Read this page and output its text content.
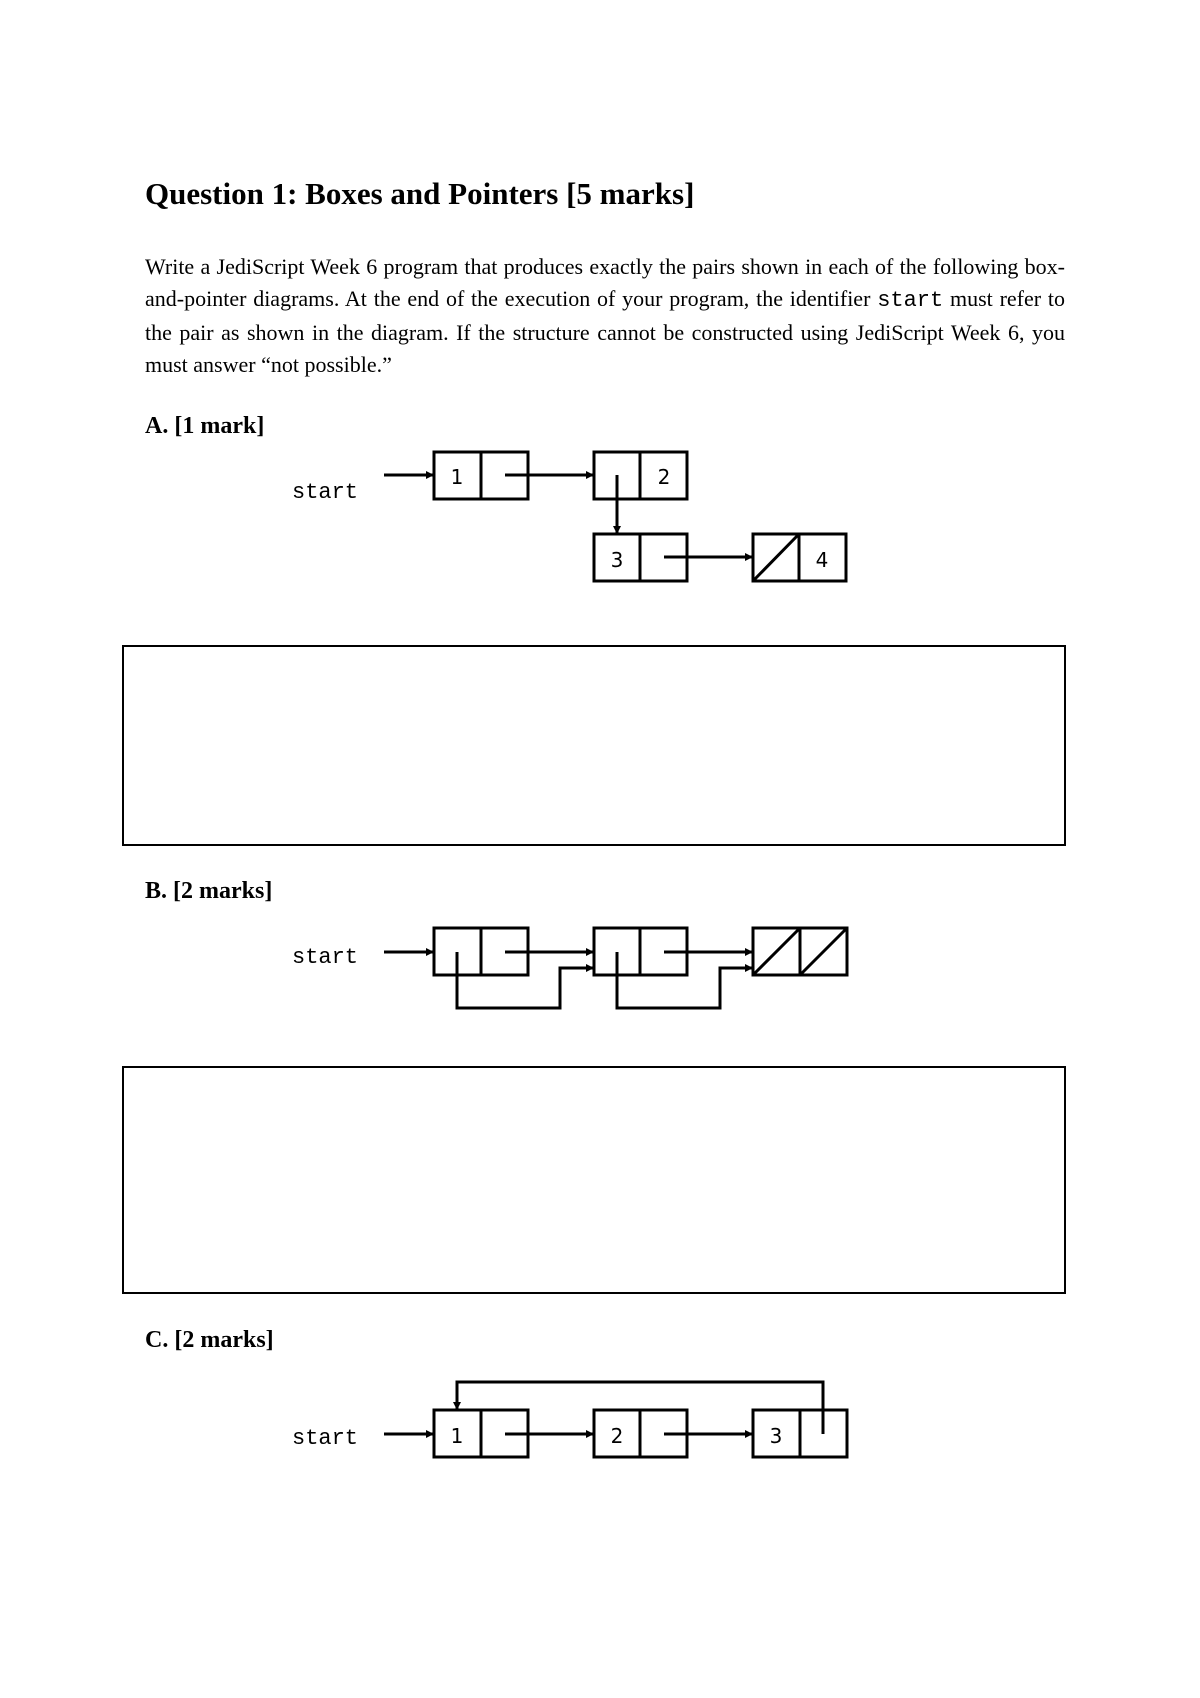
Question 1: Boxes and Pointers [5 marks]

Write a JediScript Week 6 program that produces exactly the pairs shown in each of the following box-and-pointer diagrams. At the end of the execution of your program, the identifier start must refer to the pair as shown in the diagram. If the structure cannot be constructed using JediScript Week 6, you must answer “not possible.”

A. [1 mark]
B. [2 marks]
C. [2 marks]
start
1	2
3	4
start
start	1	2	3
